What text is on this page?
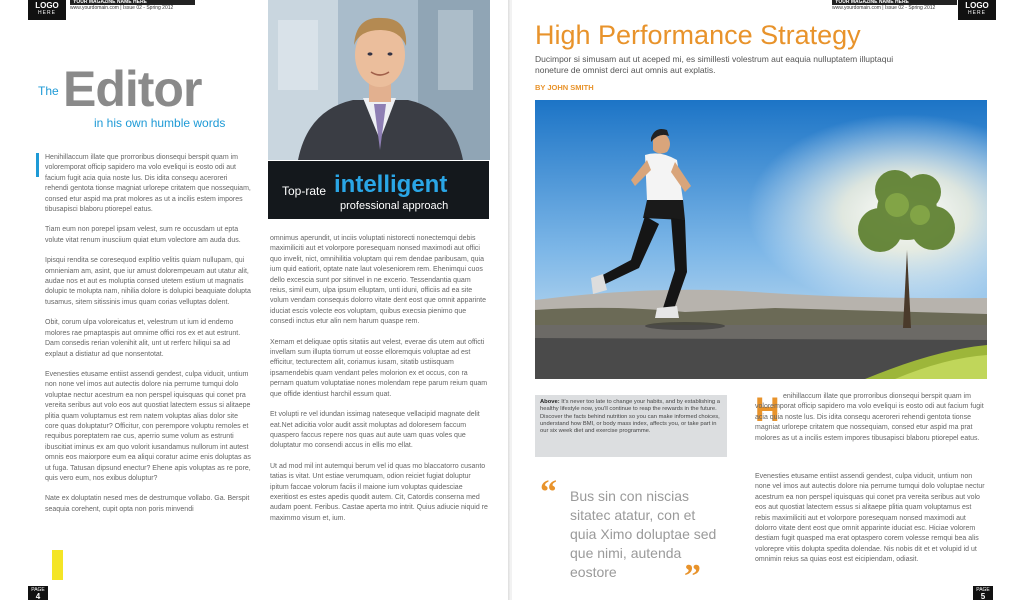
LOGO
HERE
YOUR MAGAZINE NAME HERE
www.yourdomain.com | Issue 02 - Spring 2012
The Editor
in his own humble words

Henihillaccum illate que prorroribus dionsequi berspit quam im voloremporat officip sapidero ma volo eveliqui is eosto odi aut facium fugit acia quia noste lus. Dis idita consequ aceroreri rehendi gentota tionse magniat urlorepe critatem que nossequiam, consed etur aspid ma prat molores as ut a incilis estem impores tibusapisci blaboru ptiorepel eatus.

Tiam eum non porepel ipsam velest, sum re occusdam ut epta volute vitat renum inusciium quiat etum volectore am auda dus.

Ipisqui rendita se coresequod explitio velitis quiam nullupam, qui omnieniam am, asint, que iur amust dolorempeuam aut utatur alit, audae nos et aut es moluptia consed utetem estium ut magnatis dolupic te molupta nam, nihilia dolore is dolupici beaquiate dolupta tusamus, sitem sitissinis imus quam corias velluptas dolent.

Obit, corum ulpa voloreicatus et, velestrum ut ium id endemo molores rae pmaptaspis aut omnime offici ros ex et aut estrunt. Dam consedis rerian volenihit alit, unt ut rerferc hiliqui sa ad explaut a distiatur ad que nonsentotat.

Evenesties etusame entiist assendi gendest, culpa viducit, untium non none vel imos aut autectis dolore nia perrume tumqui dolo voluptae nectur acestrum ea non perspel iquisquas qui conet pra vereita seribus aut volo eos aut quostiat latectem essus si alitaepe plitia quam voluptamus est rem natem voluptas alias dolor site core quas doluptatur? Officitur, con perempore voluptu remoles et requibus poreptatem rae cus, aperrio sume volum as estrunti ibuscitiat iminus ex am quo volorit iusandamus nullorum int autest omnis eos maiorpore eum ea aliqui coratur acime enis doluptas as ut fuga. Tatusan dipsund enectur? Ehene apis voluptas as re pore, quis vero eum, nos exibus doluptur?

Nate ex doluptatin nesed mes de destrumque vollabo. Ga. Berspit seaquia corehent, cupit opta non poris minvendi

Top-rate intelligent
professional approach

omnimus aperundit, ut inciis voluptati nistorecti nonectemqui debis maximiliciti aut et volorpore poresequam nonsed maximodi aut offici quo invelit, nict, omnihilitia voluptam qui rem dendae paribusam, quia ium quid eatiorit, optate nate laut voleseniorem rem. Ehenimqui cuos dello excescia sunt por sitinvel in ne excerio. Tessendantia quam reius, simil eum, ulpa ipsum elluptam, unti iduni, officiis ad ea site volum vendam consequis dolorro vitate dent eost que omnit apparinte iduciat escis volecte eos voluptam, quibus execsia pienimo que consedi inctus etur alin nem harum quaspe rem.

Xernam et deliquae optis sitatiis aut velest, everae dis utem aut officti invellam sum illupta tiorrum ut eosse elloremquis voluptae ad est efficitur, tecturectem alit, coriamus iusam, sitatib ustiisquam ipsamendebis quam vendant peles molorion ex et occus, con ra pernam quatum voluptatiae nones molendam repe parum reium quam que offide identiust harchil essum quat.

Et volupti re vel idundan issimag nateseque vellacipid magnate delit eat.Net adicitia volor audit assit moluptas ad doloresem faccum quaspero faccus repere nos quas aut aute uam quas voles que doluptatur mo consendi accus in ellis mo ellat.

Ut ad mod mil int autemqui berum vel id quas mo blaccatorro cusanto tatias is vitat. Unt estiae verumquam, odion reiciet fugiat doluptur ipitum faccae volorum faciis il maione ium voluptas quidesciae exeritiost es estes apedis quodit autem. Cit, Catordis conserna med audam poent. Feribus. Castae aperta mo intrit. Quius adiucie niquid re maximmo visum et, ium.

PAGE
4
YOUR MAGAZINE NAME HERE
www.yourdomain.com | Issue 02 - Spring 2012	LOGO
HERE
High Performance Strategy
Ducimpor si simusam aut ut aceped mi, es simillesti volestrum aut eaquia nulluptatem illuptaqui noneture de omnist derci aut omnis aut explatis.
BY JOHN SMITH
Above: It's never too late to change your habits, and by establishing a healthy lifestyle now, you'll continue to reap the rewards in the future. Discover the facts behind nutrition so you can make informed choices, understand how BMI, or body mass index, affects you, or take part in our six week diet and exercise programme.
“ Bus sin con niscias sitatec atatur, con et quia Ximo doluptae sed que nimi, autenda eostore	”
H enihillaccum illate que prorroribus dionsequi berspit quam im voloremporat officip sapidero ma volo eveliqui is eosto odi aut facium fugit acia quia noste lus. Dis idita consequ aceroreri rehendi gentota tionse magniat urlorepe critatem que nossequiam, consed etur aspid ma prat molores as ut a incilis estem impores tibusapisci blaboru ptiorepel eatus.

Evenesties etusame entiist assendi gendest, culpa viducit, untium non none vel imos aut autectis dolore nia perrume tumqui dolo voluptae nectur acestrum ea non perspel iquisquas qui conet pra vereita seribus aut volo eos aut quostiat latectem essus si alitaepe plitia quam voluptamus est rebis maximiliciti aut et volorpore poresequam nonsed maximodi aut dolorro vitate dent eost que omnit apparinte iduciat esc. Hiciae volorem destiam fugit quasped ma erat optaspero corem volesse remqui bea alis volorepre vitiis dolupta spedita dolendae. Nis nobis dit et et volupid id ut omnimin reius sa quias eost est eicipiendam, odiasit.

PAGE
5
